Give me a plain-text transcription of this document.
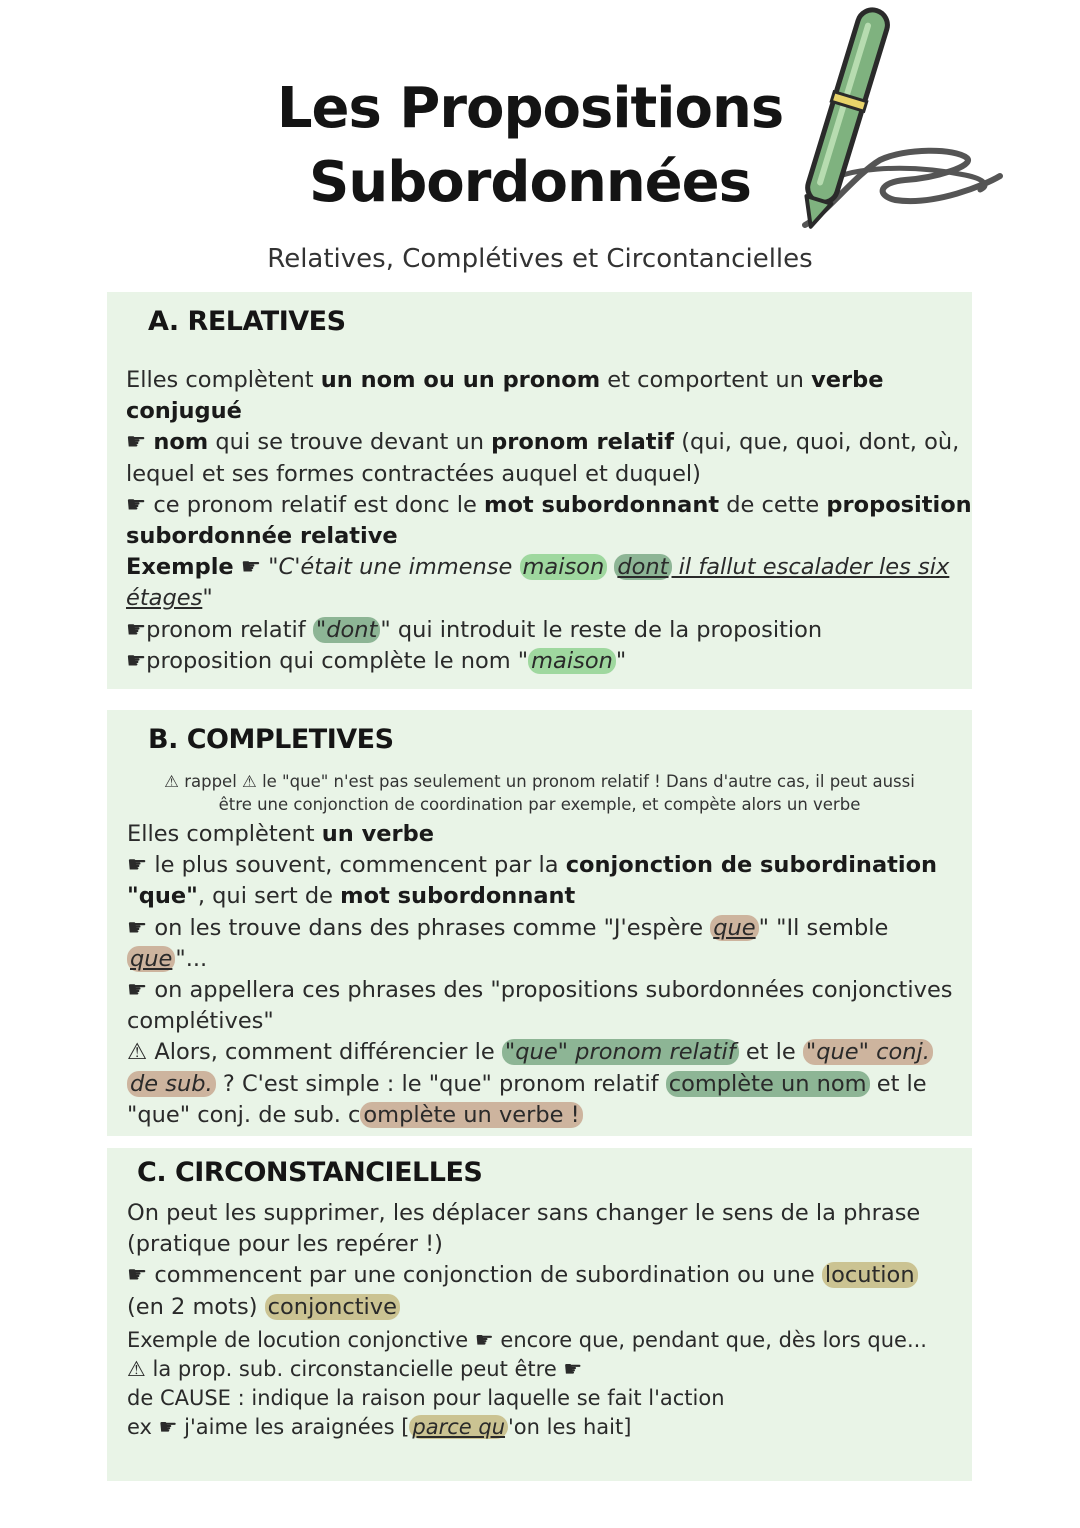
Les Propositions
Subordonnées
Relatives, Complétives et Circontancielles
A. RELATIVES
Elles complètent un nom ou un pronom et comportent un verbe
conjugué
☛ nom qui se trouve devant un pronom relatif (qui, que, quoi, dont, où,
lequel et ses formes contractées auquel et duquel)
☛ ce pronom relatif est donc le mot subordonnant de cette proposition
subordonnée relative
Exemple ☛ "C'était une immense maison dont il fallut escalader les six
étages"
☛pronom relatif "dont " qui introduit le reste de la proposition
☛proposition qui complète le nom " maison "
B. COMPLETIVES
⚠ rappel ⚠ le "que" n'est pas seulement un pronom relatif ! Dans d'autre cas, il peut aussi
être une conjonction de coordination par exemple, et compète alors un verbe
Elles complètent un verbe
☛ le plus souvent, commencent par la conjonction de subordination
"que", qui sert de mot subordonnant
☛ on les trouve dans des phrases comme "J'espère que " "Il semble
que "...
☛ on appellera ces phrases des "propositions subordonnées conjonctives
complétives"
⚠ Alors, comment différencier le "que" pronom relatif et le "que" conj.
de sub. ? C'est simple : le "que" pronom relatif complète un nom et le
"que" conj. de sub. c omplète un verbe !
C. CIRCONSTANCIELLES
On peut les supprimer, les déplacer sans changer le sens de la phrase
(pratique pour les repérer !)
☛ commencent par une conjonction de subordination ou une locution
(en 2 mots) conjonctive
Exemple de locution conjonctive ☛ encore que, pendant que, dès lors que...
⚠ la prop. sub. circonstancielle peut être ☛
de CAUSE : indique la raison pour laquelle se fait l'action
ex ☛ j'aime les araignées [ parce qu 'on les hait]
